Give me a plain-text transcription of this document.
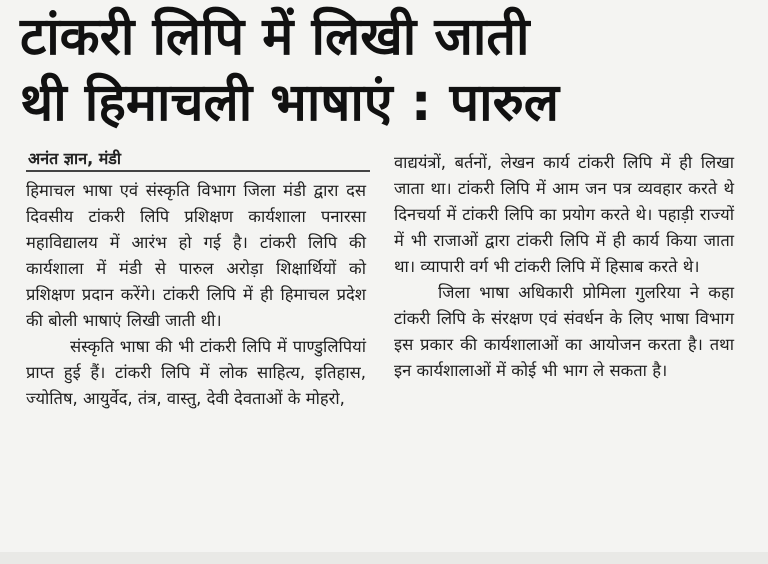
टांकरी लिपि में लिखी जाती
थी हिमाचली भाषाएं : पारुल
अनंत ज्ञान, मंडी

हिमाचल भाषा एवं संस्कृति विभाग जिला मंडी द्वारा दस दिवसीय टांकरी लिपि प्रशिक्षण कार्यशाला पनारसा महाविद्यालय में आरंभ हो गई है। टांकरी लिपि की कार्यशाला में मंडी से पारुल अरोड़ा शिक्षार्थियों को प्रशिक्षण प्रदान करेंगे। टांकरी लिपि में ही हिमाचल प्रदेश की बोली भाषाएं लिखी जाती थी।

संस्कृति भाषा की भी टांकरी लिपि में पाण्डुलिपियां प्राप्त हुई हैं। टांकरी लिपि में लोक साहित्य, इतिहास, ज्योतिष, आयुर्वेद, तंत्र, वास्तु, देवी देवताओं के मोहरो,

वाद्ययंत्रों, बर्तनों, लेखन कार्य टांकरी लिपि में ही लिखा जाता था। टांकरी लिपि में आम जन पत्र व्यवहार करते थे दिनचर्या में टांकरी लिपि का प्रयोग करते थे। पहाड़ी राज्यों में भी राजाओं द्वारा टांकरी लिपि में ही कार्य किया जाता था। व्यापारी वर्ग भी टांकरी लिपि में हिसाब करते थे।

जिला भाषा अधिकारी प्रोमिला गुलरिया ने कहा टांकरी लिपि के संरक्षण एवं संवर्धन के लिए भाषा विभाग इस प्रकार की कार्यशालाओं का आयोजन करता है। तथा इन कार्यशालाओं में कोई भी भाग ले सकता है।
